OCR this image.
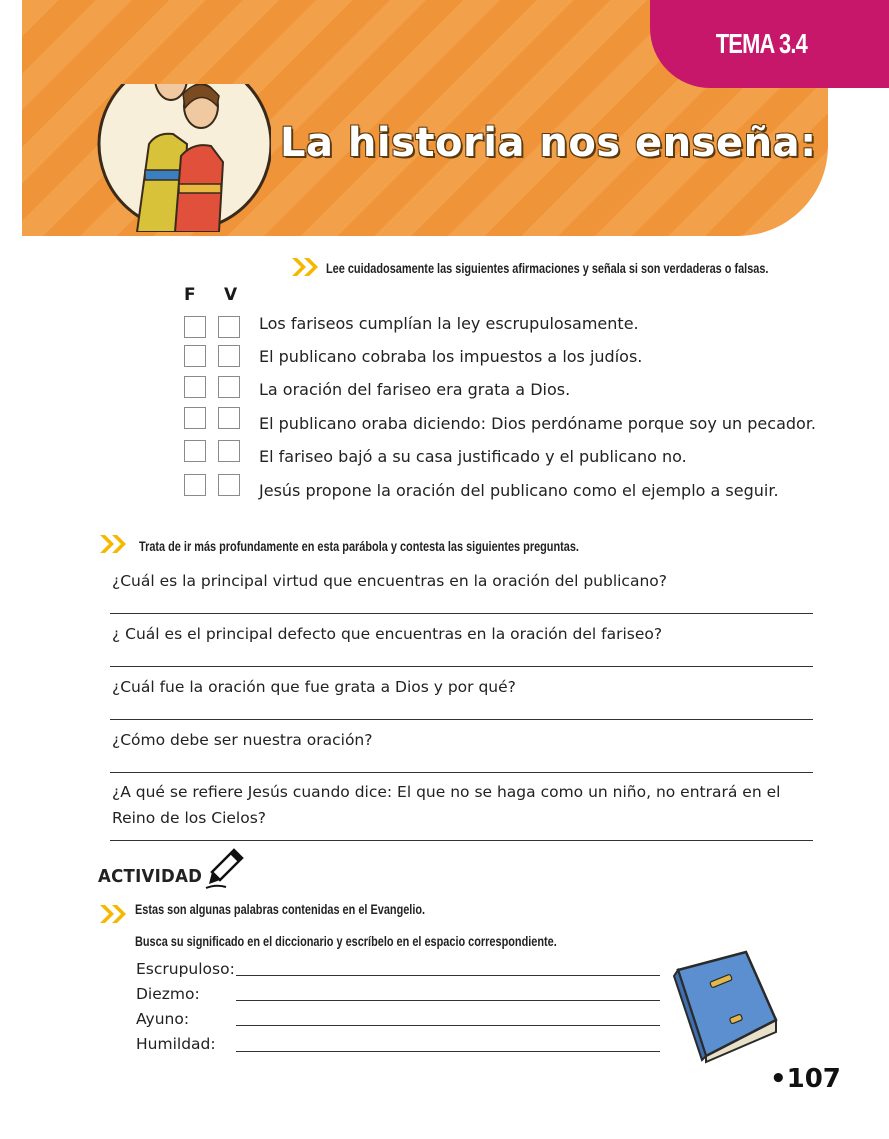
TEMA 3.4
La historia nos enseña:
Lee cuidadosamente las siguientes afirmaciones y señala si son verdaderas o falsas.
F V
Los fariseos cumplían la ley escrupulosamente.
El publicano cobraba los impuestos a los judíos.
La oración del fariseo era grata a Dios.
El publicano oraba diciendo: Dios perdóname porque soy un pecador.
El fariseo bajó a su casa justificado y el publicano no.
Jesús propone la oración del publicano como el ejemplo a seguir.
Trata de ir más profundamente en esta parábola y contesta las siguientes preguntas.
¿Cuál es la principal virtud que encuentras en la oración del publicano?
¿ Cuál es el principal defecto que encuentras en la oración del fariseo?
¿Cuál fue la oración que fue grata a Dios y por qué?
¿Cómo debe ser nuestra oración?
¿A qué se refiere Jesús cuando dice: El que no se haga como un niño, no entrará en el Reino de los Cielos?
ACTIVIDAD
Estas son algunas palabras contenidas en el Evangelio.
Busca su significado en el diccionario y escríbelo en el espacio correspondiente.
Escrupuloso:
Diezmo:
Ayuno:
Humildad:
•107
